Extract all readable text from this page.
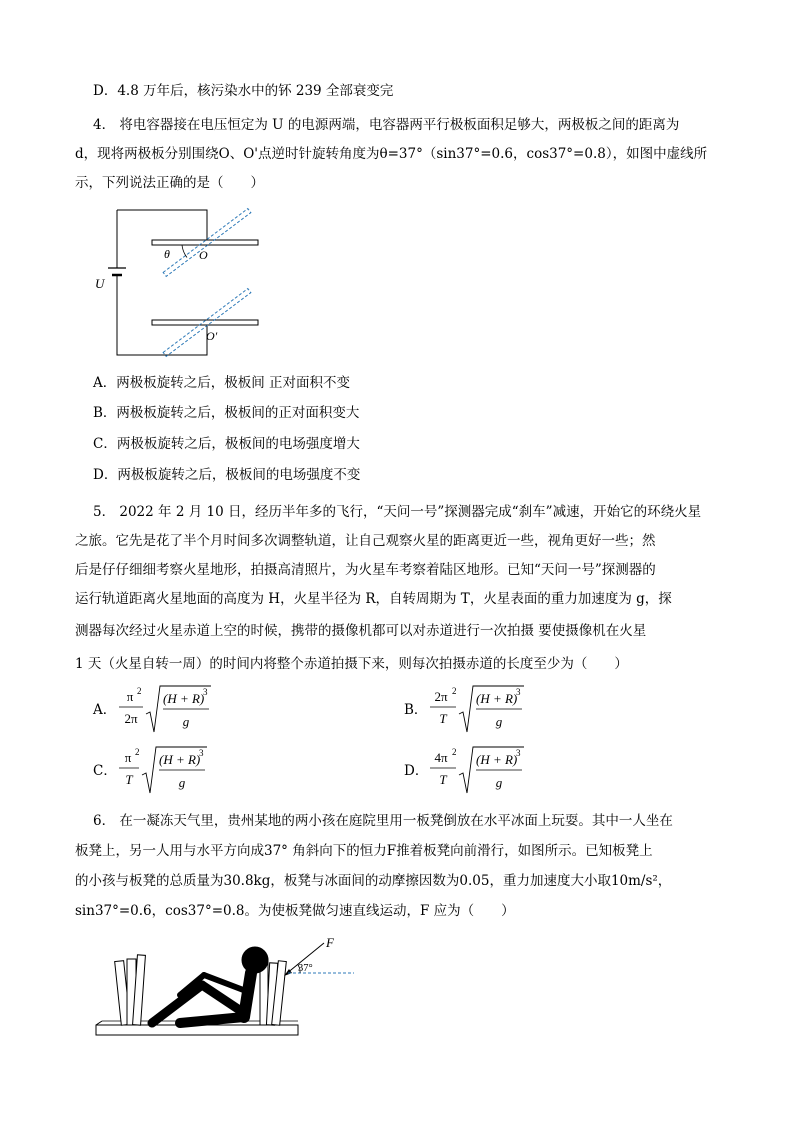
D．4.8 万年后，核污染水中的钚 239 全部衰变完
4． 将电容器接在电压恒定为 U 的电源两端，电容器两平行极板面积足够大，两极板之间的距离为
d，现将两极板分别围绕O、O'点逆时针旋转角度为θ=37°（sin37°=0.6，cos37°=0.8），如图中虚线所
示，下列说法正确的是（　　）
U
θ O
O′
A．两极板旋转之后，极板间 正对面积不变
B．两极板旋转之后，极板间的正对面积变大
C．两极板旋转之后，极板间的电场强度增大
D．两极板旋转之后，极板间的电场强度不变
5． 2022 年 2 月 10 日，经历半年多的飞行，“天问一号”探测器完成“刹车”减速，开始它的环绕火星
之旅。它先是花了半个月时间多次调整轨道，让自己观察火星的距离更近一些，视角更好一些；然
后是仔仔细细考察火星地形，拍摄高清照片，为火星车考察着陆区地形。已知“天问一号”探测器的
运行轨道距离火星地面的高度为 H，火星半径为 R，自转周期为 T，火星表面的重力加速度为 g，探
测器每次经过火星赤道上空的时候，携带的摄像机都可以对赤道进行一次拍摄 要使摄像机在火星
1 天（火星自转一周）的时间内将整个赤道拍摄下来，则每次拍摄赤道的长度至少为（　　）
A．
π 2
2π
(H + R)
3
g
B．
2π 2
T
(H + R)
3
g
C．
π 2
T
(H + R)
3
g
D．
4π 2
T
(H + R)
3
g
6． 在一凝冻天气里，贵州某地的两小孩在庭院里用一板凳倒放在水平冰面上玩耍。其中一人坐在
板凳上，另一人用与水平方向成37° 角斜向下的恒力F推着板凳向前滑行，如图所示。已知板凳上
的小孩与板凳的总质量为30.8kg，板凳与冰面间的动摩擦因数为0.05，重力加速度大小取10m/s²，
sin37°=0.6，cos37°=0.8。为使板凳做匀速直线运动，F 应为（　　）
F
37°
